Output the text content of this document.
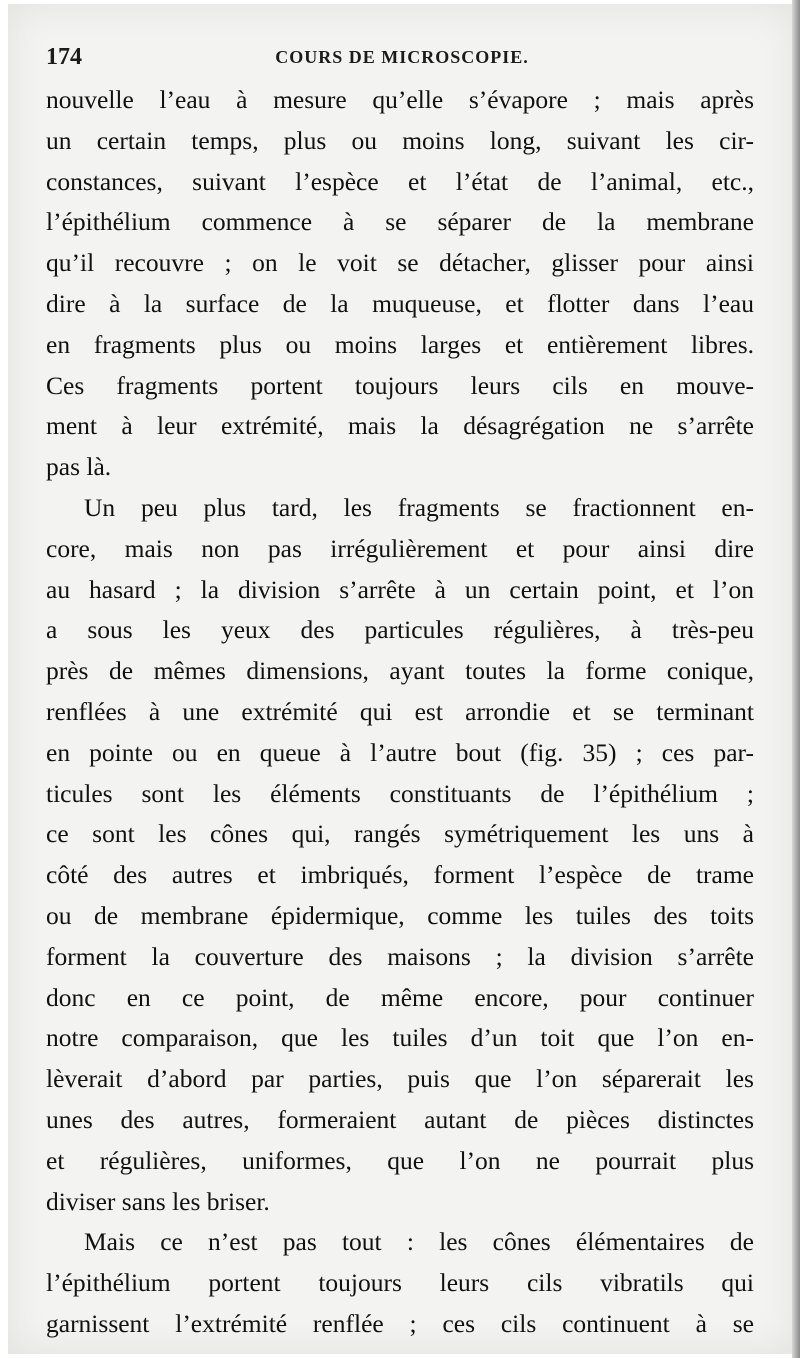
174	COURS DE MICROSCOPIE.
nouvelle l’eau à mesure qu’elle s’évapore ; mais après
un certain temps, plus ou moins long, suivant les cir-
constances, suivant l’espèce et l’état de l’animal, etc.,
l’épithélium commence à se séparer de la membrane
qu’il recouvre ; on le voit se détacher, glisser pour ainsi
dire à la surface de la muqueuse, et flotter dans l’eau
en fragments plus ou moins larges et entièrement libres.
Ces fragments portent toujours leurs cils en mouve-
ment à leur extrémité, mais la désagrégation ne s’arrête
pas là.
Un peu plus tard, les fragments se fractionnent en-
core, mais non pas irrégulièrement et pour ainsi dire
au hasard ; la division s’arrête à un certain point, et l’on
a sous les yeux des particules régulières, à très-peu
près de mêmes dimensions, ayant toutes la forme conique,
renflées à une extrémité qui est arrondie et se terminant
en pointe ou en queue à l’autre bout (fig. 35) ; ces par-
ticules sont les éléments constituants de l’épithélium ;
ce sont les cônes qui, rangés symétriquement les uns à
côté des autres et imbriqués, forment l’espèce de trame
ou de membrane épidermique, comme les tuiles des toits
forment la couverture des maisons ; la division s’arrête
donc en ce point, de même encore, pour continuer
notre comparaison, que les tuiles d’un toit que l’on en-
lèverait d’abord par parties, puis que l’on séparerait les
unes des autres, formeraient autant de pièces distinctes
et régulières, uniformes, que l’on ne pourrait plus
diviser sans les briser.
Mais ce n’est pas tout : les cônes élémentaires de
l’épithélium portent toujours leurs cils vibratils qui
garnissent l’extrémité renflée ; ces cils continuent à se
